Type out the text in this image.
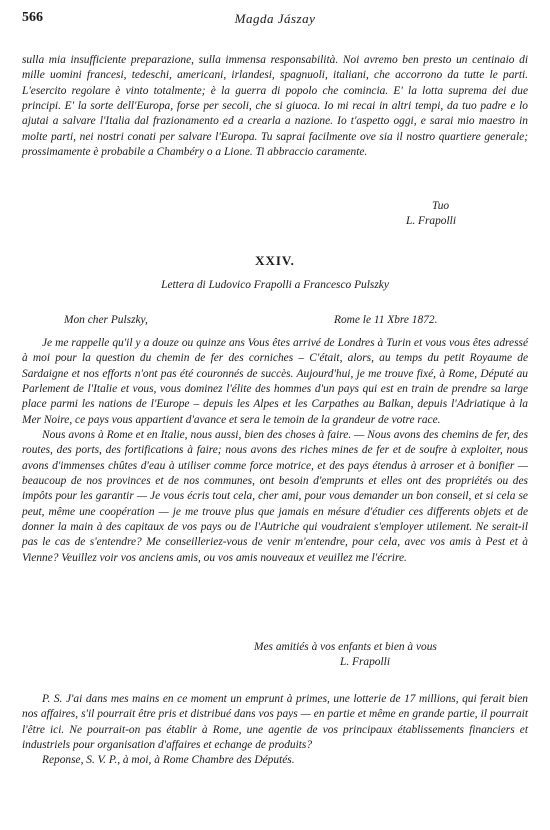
566	Magda Jászay

sulla mia insufficiente preparazione, sulla immensa responsabilità. Noi avremo ben presto un centinaio di mille uomini francesi, tedeschi, americani, irlandesi, spagnuoli, italiani, che accorrono da tutte le parti. L'esercito regolare è vinto totalmente; è la guerra di popolo che comincia. E' la lotta suprema dei due principi. E' la sorte dell'Europa, forse per secoli, che si giuoca. Io mi recai in altri tempi, da tuo padre e lo ajutai a salvare l'Italia dal frazionamento ed a crearla a nazione. Io t'aspetto oggi, e sarai mio maestro in molte parti, nei nostri conati per salvare l'Europa. Tu saprai facilmente ove sia il nostro quartiere generale; prossimamente è probabile a Chambéry o a Lione. Ti abbraccio caramente.

Tuo
L. Frapolli
XXIV.
Lettera di Ludovico Frapolli a Francesco Pulszky
Mon cher Pulszky,	Rome le 11 Xbre 1872.

Je me rappelle qu'il y a douze ou quinze ans Vous êtes arrivé de Londres à Turin et vous vous êtes adressé à moi pour la question du chemin de fer des corniches – C'était, alors, au temps du petit Royaume de Sardaigne et nos efforts n'ont pas été couronnés de succès. Aujourd'hui, je me trouve fixé, à Rome, Député au Parlement de l'Italie et vous, vous dominez l'élite des hommes d'un pays qui est en train de prendre sa large place parmi les nations de l'Europe – depuis les Alpes et les Carpathes au Balkan, depuis l'Adriatique à la Mer Noire, ce pays vous appartient d'avance et sera le temoin de la grandeur de votre race.

Nous avons à Rome et en Italie, nous aussi, bien des choses à faire. — Nous avons des chemins de fer, des routes, des ports, des fortifications à faire; nous avons des riches mines de fer et de soufre à exploiter, nous avons d'immenses chûtes d'eau à utiliser comme force motrice, et des pays étendus à arroser et à bonifier — beaucoup de nos provinces et de nos communes, ont besoin d'emprunts et elles ont des propriétés ou des impôts pour les garantir — Je vous écris tout cela, cher ami, pour vous demander un bon conseil, et si cela se peut, même une coopération — je me trouve plus que jamais en mésure d'étudier ces differents objets et de donner la main à des capitaux de vos pays ou de l'Autriche qui voudraient s'employer utilement. Ne serait-il pas le cas de s'entendre? Me conseilleriez-vous de venir m'entendre, pour cela, avec vos amis à Pest et à Vienne? Veuillez voir vos anciens amis, ou vos amis nouveaux et veuillez me l'écrire.

Mes amitiés à vos enfants et bien à vous
L. Frapolli

P. S. J'ai dans mes mains en ce moment un emprunt à primes, une lotterie de 17 millions, qui ferait bien nos affaires, s'il pourrait être pris et distribué dans vos pays — en partie et même en grande partie, il pourrait l'être ici. Ne pourrait-on pas établir à Rome, une agentie de vos principaux établissements financiers et industriels pour organisation d'affaires et echange de produits?

Reponse, S. V. P., à moi, à Rome Chambre des Députés.
